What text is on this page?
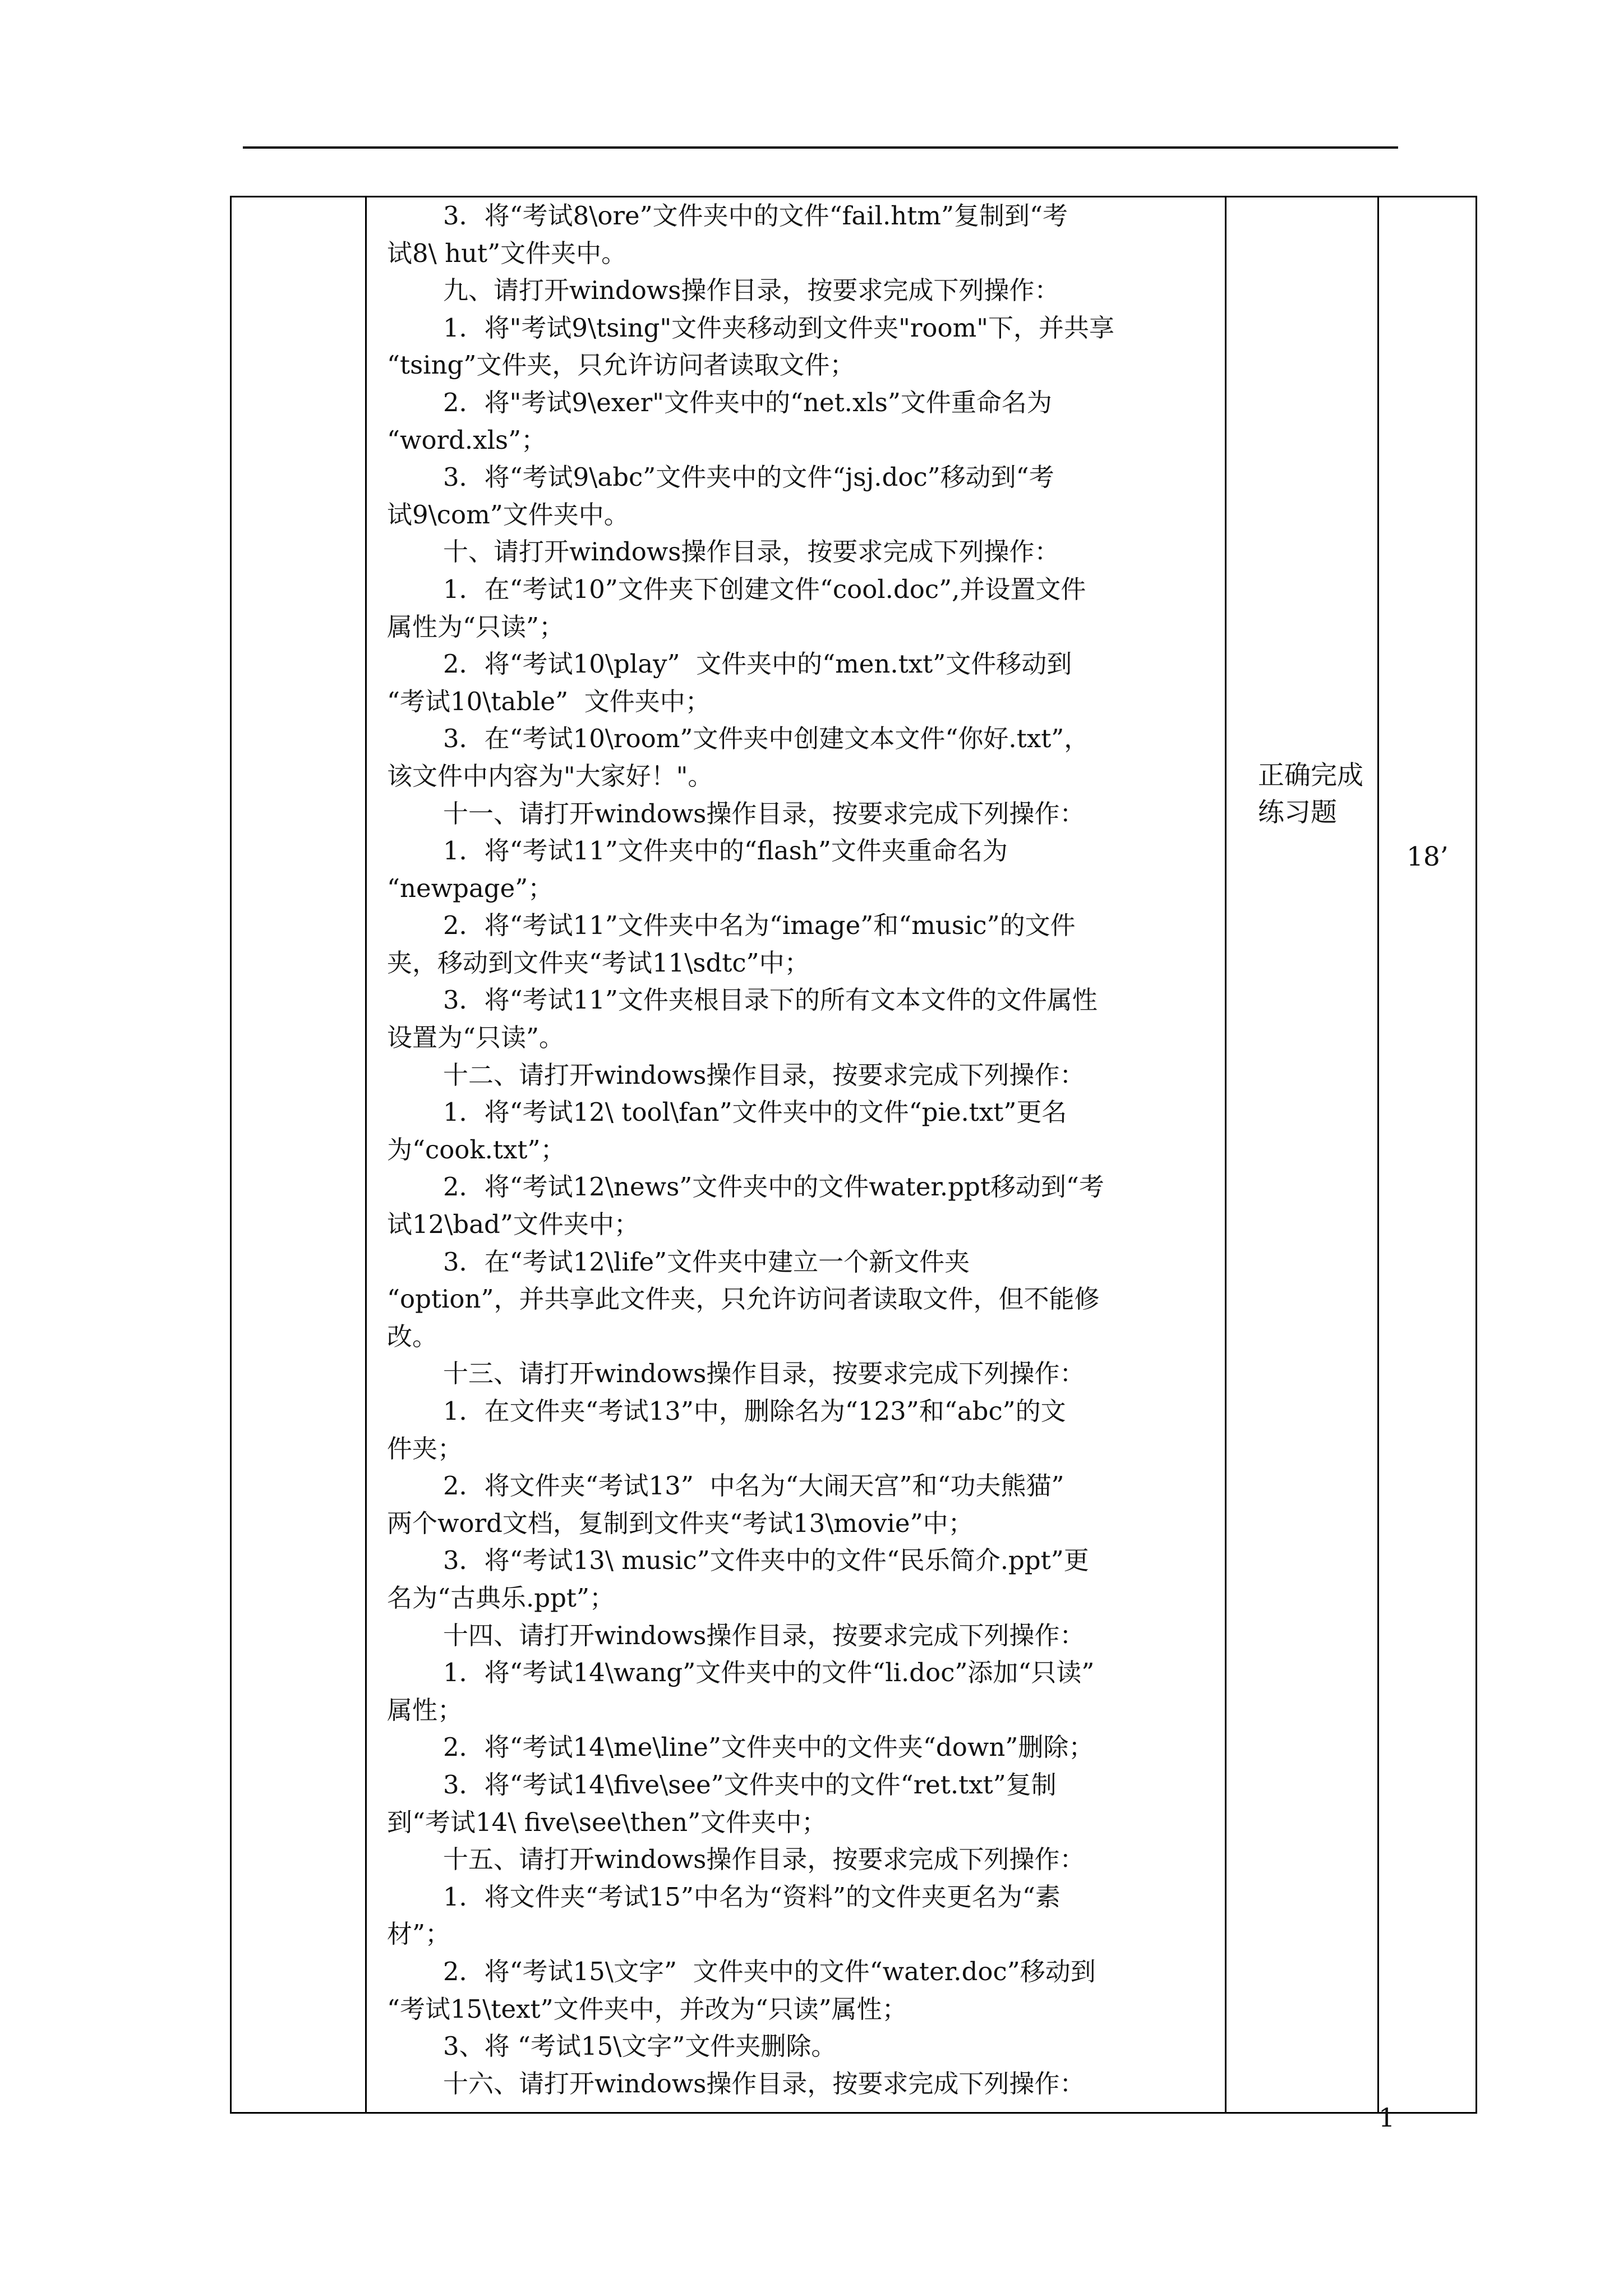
3．将“考试8\ore”文件夹中的文件“fail.htm”复制到“考

试8\ hut”文件夹中。

九、请打开windows操作目录，按要求完成下列操作：

1．将"考试9\tsing"文件夹移动到文件夹"room"下，并共享

“tsing”文件夹，只允许访问者读取文件；

2．将"考试9\exer"文件夹中的“net.xls”文件重命名为

“word.xls”；

3．将“考试9\abc”文件夹中的文件“jsj.doc”移动到“考

试9\com”文件夹中。

十、请打开windows操作目录，按要求完成下列操作：

1．在“考试10”文件夹下创建文件“cool.doc”,并设置文件

属性为“只读”；

2．将“考试10\play”  文件夹中的“men.txt”文件移动到

“考试10\table”  文件夹中；

3．在“考试10\room”文件夹中创建文本文件“你好.txt”，

该文件中内容为"大家好！"。

十一、请打开windows操作目录，按要求完成下列操作：

1．将“考试11”文件夹中的“flash”文件夹重命名为

“newpage”；

2．将“考试11”文件夹中名为“image”和“music”的文件

夹，移动到文件夹“考试11\sdtc”中；

3．将“考试11”文件夹根目录下的所有文本文件的文件属性

设置为“只读”。

十二、请打开windows操作目录，按要求完成下列操作：

1．将“考试12\ tool\fan”文件夹中的文件“pie.txt”更名

为“cook.txt”；

2．将“考试12\news”文件夹中的文件water.ppt移动到“考

试12\bad”文件夹中；

3．在“考试12\life”文件夹中建立一个新文件夹

“option”，并共享此文件夹，只允许访问者读取文件，但不能修

改。

十三、请打开windows操作目录，按要求完成下列操作：

1．在文件夹“考试13”中，删除名为“123”和“abc”的文

件夹；

2．将文件夹“考试13”  中名为“大闹天宫”和“功夫熊猫”

两个word文档，复制到文件夹“考试13\movie”中；

3．将“考试13\ music”文件夹中的文件“民乐简介.ppt”更

名为“古典乐.ppt”；

十四、请打开windows操作目录，按要求完成下列操作：

1．将“考试14\wang”文件夹中的文件“li.doc”添加“只读”

属性；

2．将“考试14\me\line”文件夹中的文件夹“down”删除；

3．将“考试14\five\see”文件夹中的文件“ret.txt”复制

到“考试14\ five\see\then”文件夹中；

十五、请打开windows操作目录，按要求完成下列操作：

1．将文件夹“考试15”中名为“资料”的文件夹更名为“素

材”；

2．将“考试15\文字”  文件夹中的文件“water.doc”移动到

“考试15\text”文件夹中，并改为“只读”属性；

3、将 “考试15\文字”文件夹删除。

十六、请打开windows操作目录，按要求完成下列操作：

正确完成
练习题
18’
1
